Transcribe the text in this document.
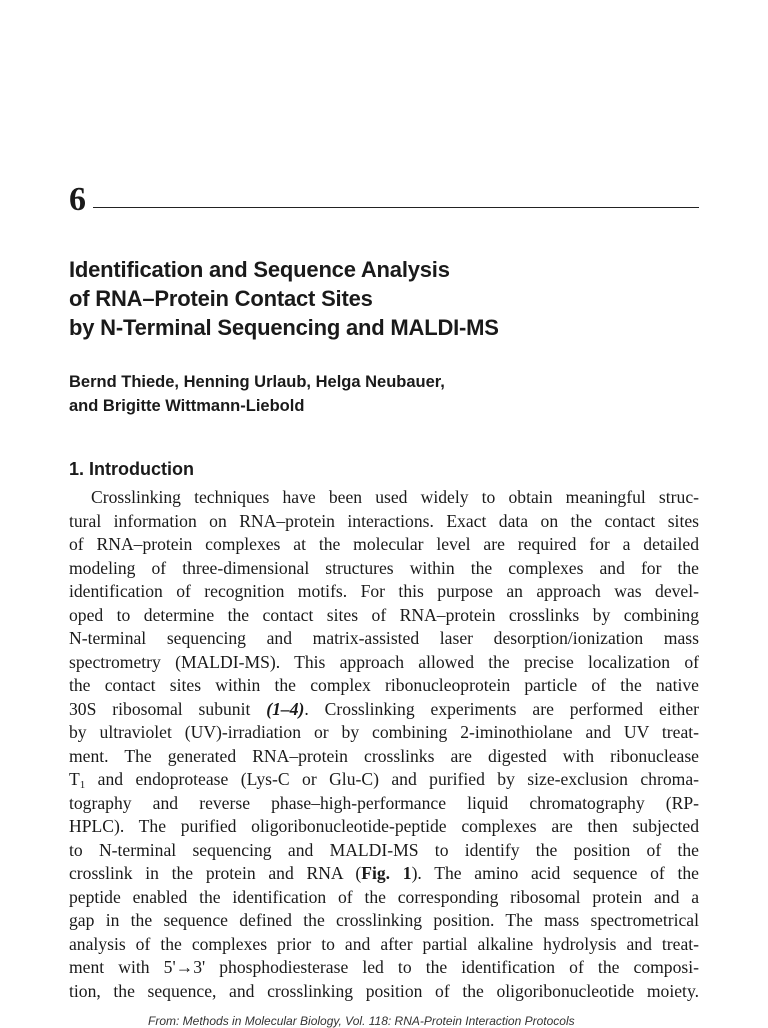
6
Identification and Sequence Analysis
of RNA–Protein Contact Sites
by N-Terminal Sequencing and MALDI-MS
Bernd Thiede, Henning Urlaub, Helga Neubauer,
and Brigitte Wittmann-Liebold
1. Introduction
Crosslinking techniques have been used widely to obtain meaningful struc-
tural information on RNA–protein interactions. Exact data on the contact sites
of RNA–protein complexes at the molecular level are required for a detailed
modeling of three-dimensional structures within the complexes and for the
identification of recognition motifs. For this purpose an approach was devel-
oped to determine the contact sites of RNA–protein crosslinks by combining
N-terminal sequencing and matrix-assisted laser desorption/ionization mass
spectrometry (MALDI-MS). This approach allowed the precise localization of
the contact sites within the complex ribonucleoprotein particle of the native
30S ribosomal subunit (1–4). Crosslinking experiments are performed either
by ultraviolet (UV)-irradiation or by combining 2-iminothiolane and UV treat-
ment. The generated RNA–protein crosslinks are digested with ribonuclease
$T_1$ and endoprotease (Lys-C or Glu-C) and purified by size-exclusion chroma-
tography and reverse phase–high-performance liquid chromatography (RP-
HPLC). The purified oligoribonucleotide-peptide complexes are then subjected
to N-terminal sequencing and MALDI-MS to identify the position of the
crosslink in the protein and RNA (Fig. 1). The amino acid sequence of the
peptide enabled the identification of the corresponding ribosomal protein and a
gap in the sequence defined the crosslinking position. The mass spectrometrical
analysis of the complexes prior to and after partial alkaline hydrolysis and treat-
ment with 5'→3' phosphodiesterase led to the identification of the composi-
tion, the sequence, and crosslinking position of the oligoribonucleotide moiety.
From: Methods in Molecular Biology, Vol. 118: RNA-Protein Interaction Protocols
